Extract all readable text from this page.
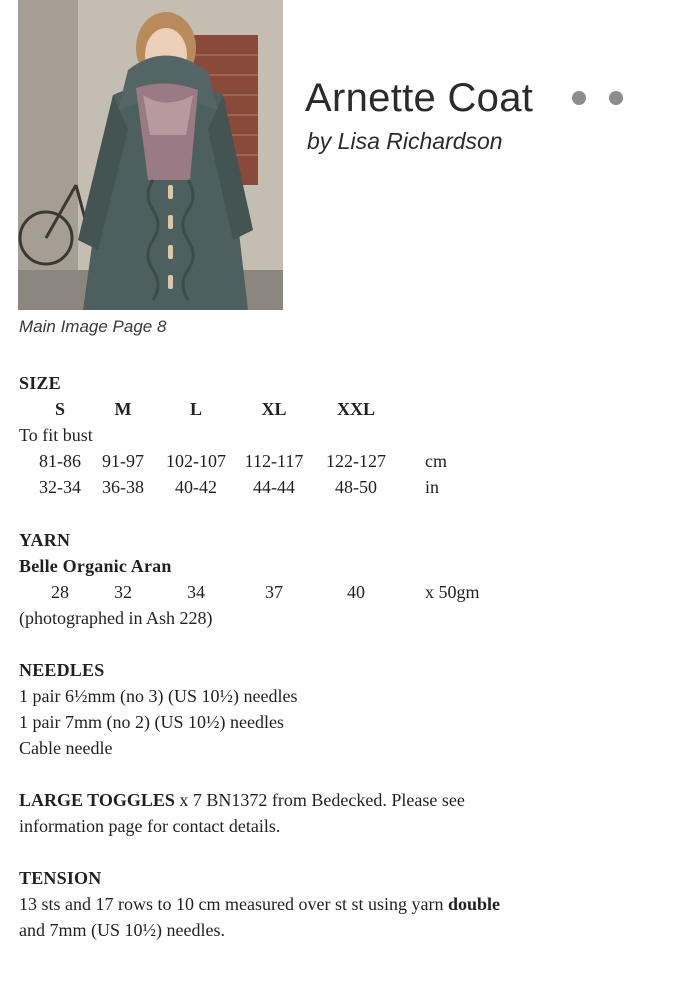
Main Image Page 8
Arnette Coat
by Lisa Richardson
SIZE
S	M	L	XL	XXL
To fit bust
81-86	91-97	102-107	112-117	122-127	cm
32-34	36-38	40-42	44-44	48-50	in
YARN
Belle Organic Aran
28	32	34	37	40	x 50gm
(photographed in Ash 228)
NEEDLES
1 pair 6½mm (no 3) (US 10½) needles
1 pair 7mm (no 2) (US 10½) needles
Cable needle
LARGE TOGGLES x 7 BN1372 from Bedecked. Please see
information page for contact details.
TENSION
13 sts and 17 rows to 10 cm measured over st st using yarn double
and 7mm (US 10½) needles.
